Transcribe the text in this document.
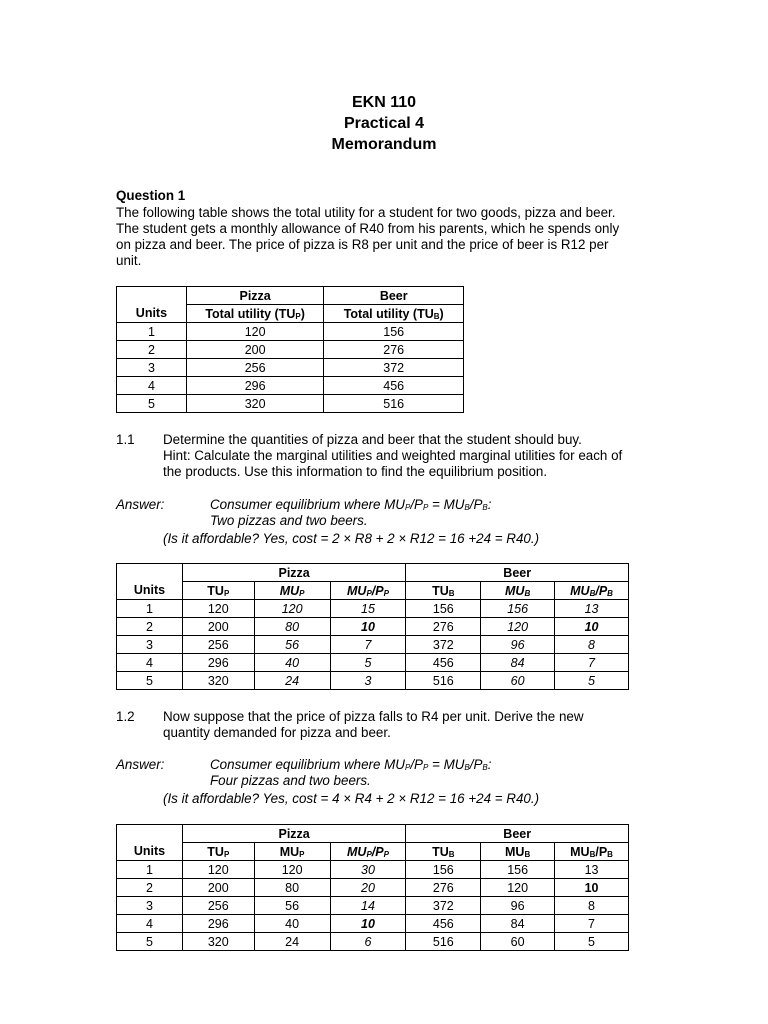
EKN 110
Practical 4
Memorandum
Question 1
The following table shows the total utility for a student for two goods, pizza and beer.
The student gets a monthly allowance of R40 from his parents, which he spends only
on pizza and beer. The price of pizza is R8 per unit and the price of beer is R12 per
unit.
	Pizza	Beer
Units	Total utility $(TU_P)$	Total utility $(TU_B)$
1	120	156
2	200	276
3	256	372
4	296	456
5	320	516
1.1 Determine the quantities of pizza and beer that the student should buy.
Hint: Calculate the marginal utilities and weighted marginal utilities for each of
the products. Use this information to find the equilibrium position.
Answer:	Consumer equilibrium where $MU_P/P_P = MU_B/P_B$:
Two pizzas and two beers.
(Is it affordable? Yes, cost = 2 × R8 + 2 × R12 = 16 +24 = R40.)
	Pizza			Beer		
Units	$TU_P$	$MU_P$	$MU_P/P_P$	$TU_B$	$MU_B$	$MU_B/P_B$
1	120	120	15	156	156	13
2	200	80	10	276	120	10
3	256	56	7	372	96	8
4	296	40	5	456	84	7
5	320	24	3	516	60	5
1.2 Now suppose that the price of pizza falls to R4 per unit. Derive the new
quantity demanded for pizza and beer.
Answer:	Consumer equilibrium where $MU_P/P_P = MU_B/P_B$:
Four pizzas and two beers.
(Is it affordable? Yes, cost = 4 × R4 + 2 × R12 = 16 +24 = R40.)
	Pizza			Beer		
Units	$TU_P$	$MU_P$	$MU_P/P_P$	$TU_B$	$MU_B$	$MU_B/P_B$
1	120	120	30	156	156	13
2	200	80	20	276	120	10
3	256	56	14	372	96	8
4	296	40	10	456	84	7
5	320	24	6	516	60	5
